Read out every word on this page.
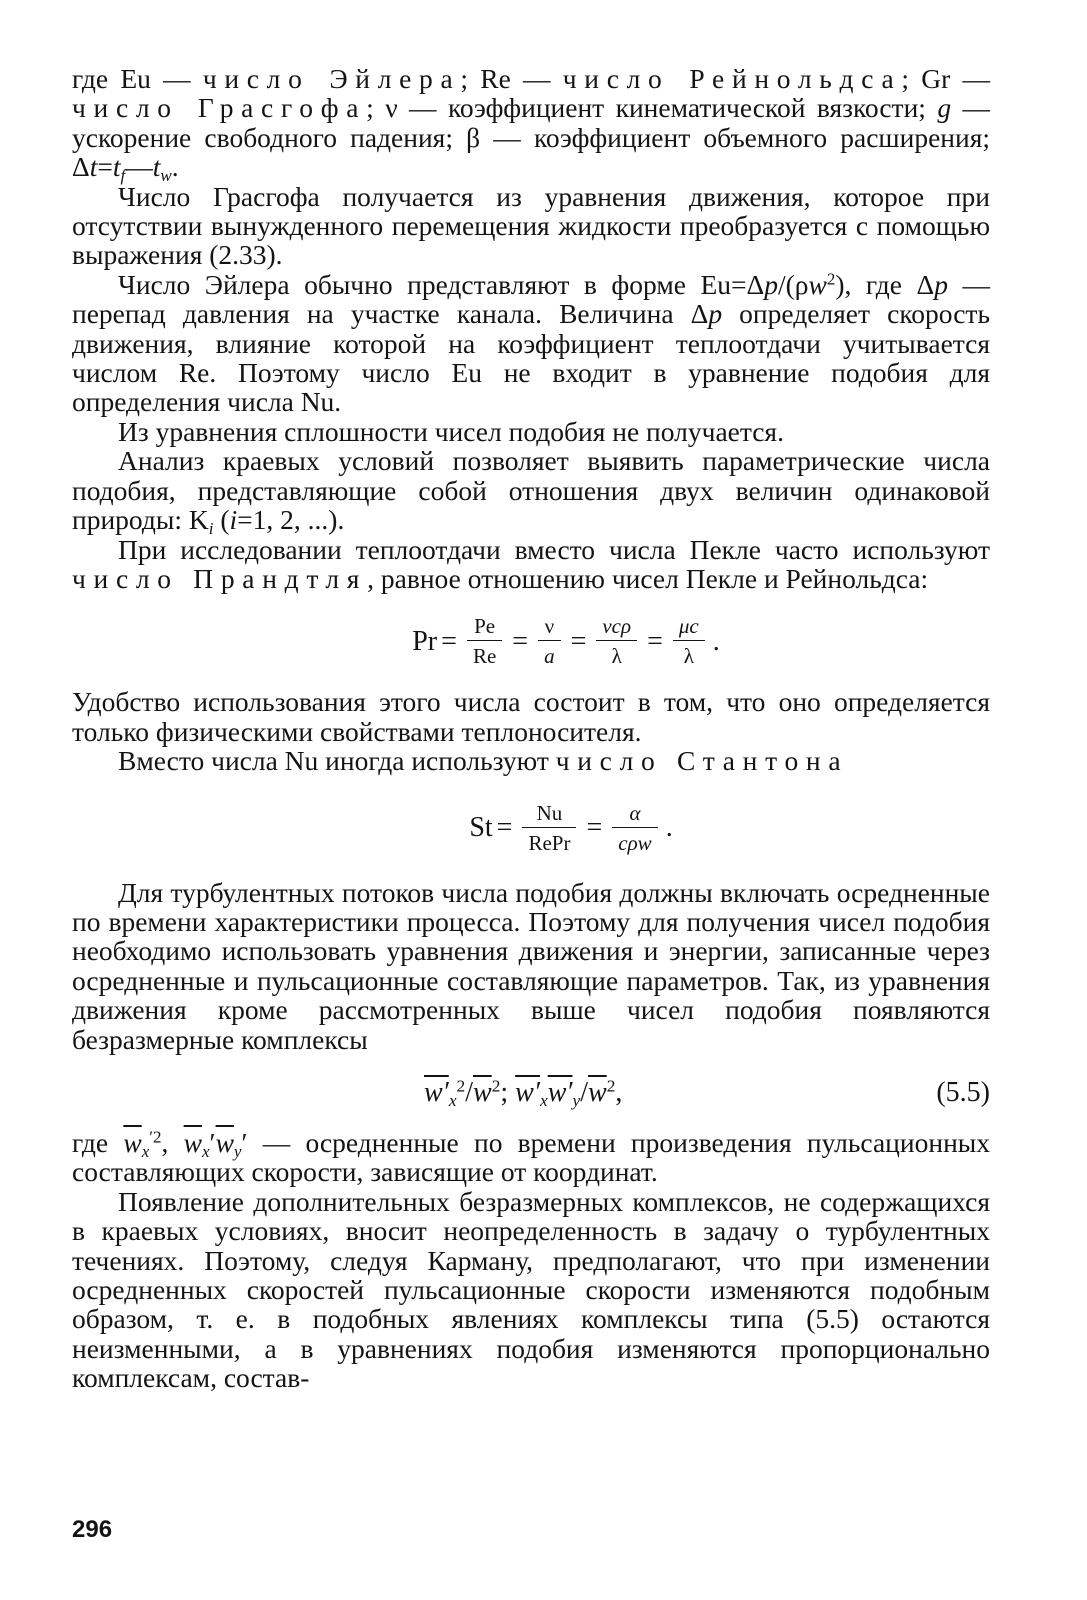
где Eu — число Эйлера; Re — число Рейнольдса; Gr — число Грасгофа; ν — коэффициент кинематической вязкости; g — ускорение свободного падения; β — коэффициент объемного расширения; $\Delta t=t_f—t_w$.

Число Грасгофа получается из уравнения движения, которое при отсутствии вынужденного перемещения жидкости преобразуется с помощью выражения (2.33).

Число Эйлера обычно представляют в форме $Eu=\Delta p/(\rho w^2)$, где Δp — перепад давления на участке канала. Величина Δp определяет скорость движения, влияние которой на коэффициент теплоотдачи учитывается числом Re. Поэтому число Eu не входит в уравнение подобия для определения числа Nu.

Из уравнения сплошности чисел подобия не получается.

Анализ краевых условий позволяет выявить параметрические числа подобия, представляющие собой отношения двух величин одинаковой природы: $K_i$ (i=1, 2, ...).

При исследовании теплоотдачи вместо числа Пекле часто используют число Прандтля, равное отношению чисел Пекле и Рейнольдса:

$Pr = \frac{Pe}{Re} = \frac{\nu}{a} = \frac{\text{νcρ}}{\lambda} = \frac{\mu c}{\lambda}$ .

Удобство использования этого числа состоит в том, что оно определяется только физическими свойствами теплоносителя.

Вместо числа Nu иногда используют число Стантона

$St = \frac{Nu}{\text{RePr}} = \frac{\alpha}{\text{cρw}}$ .

Для турбулентных потоков числа подобия должны включать осредненные по времени характеристики процесса. Поэтому для получения чисел подобия необходимо использовать уравнения движения и энергии, записанные через осредненные и пульсационные составляющие параметров. Так, из уравнения движения кроме рассмотренных выше чисел подобия появляются безразмерные комплексы

$w'_x^2/\overline{w}^2$; $w'_xw'_y/\overline{w}^2$,	(5.5)

где $\overline{w}_x^{'2}$, $\overline{w}_x'\overline{w}_y'$ — осредненные по времени произведения пульсационных составляющих скорости, зависящие от координат.

Появление дополнительных безразмерных комплексов, не содержащихся в краевых условиях, вносит неопределенность в задачу о турбулентных течениях. Поэтому, следуя Карману, предполагают, что при изменении осредненных скоростей пульсационные скорости изменяются подобным образом, т. е. в подобных явлениях комплексы типа (5.5) остаются неизменными, а в уравнениях подобия изменяются пропорционально комплексам, состав-

296
